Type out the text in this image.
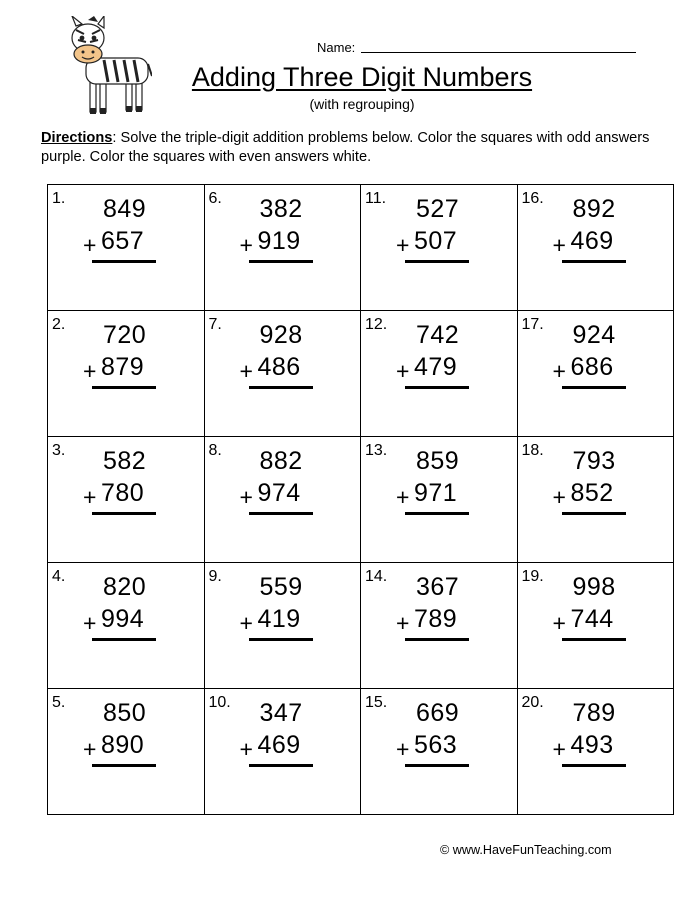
Name:
Adding Three Digit Numbers
(with regrouping)
Directions: Solve the triple-digit addition problems below. Color the squares with odd answers purple. Color the squares with even answers white.
1. 849
+ 657
6. 382
+ 919
11. 527
+ 507
16. 892
+ 469
2. 720
+ 879
7. 928
+ 486
12. 742
+ 479
17. 924
+ 686
3. 582
+ 780
8. 882
+ 974
13. 859
+ 971
18. 793
+ 852
4. 820
+ 994
9. 559
+ 419
14. 367
+ 789
19. 998
+ 744
5. 850
+ 890
10. 347
+ 469
15. 669
+ 563
20. 789
+ 493
© www.HaveFunTeaching.com
